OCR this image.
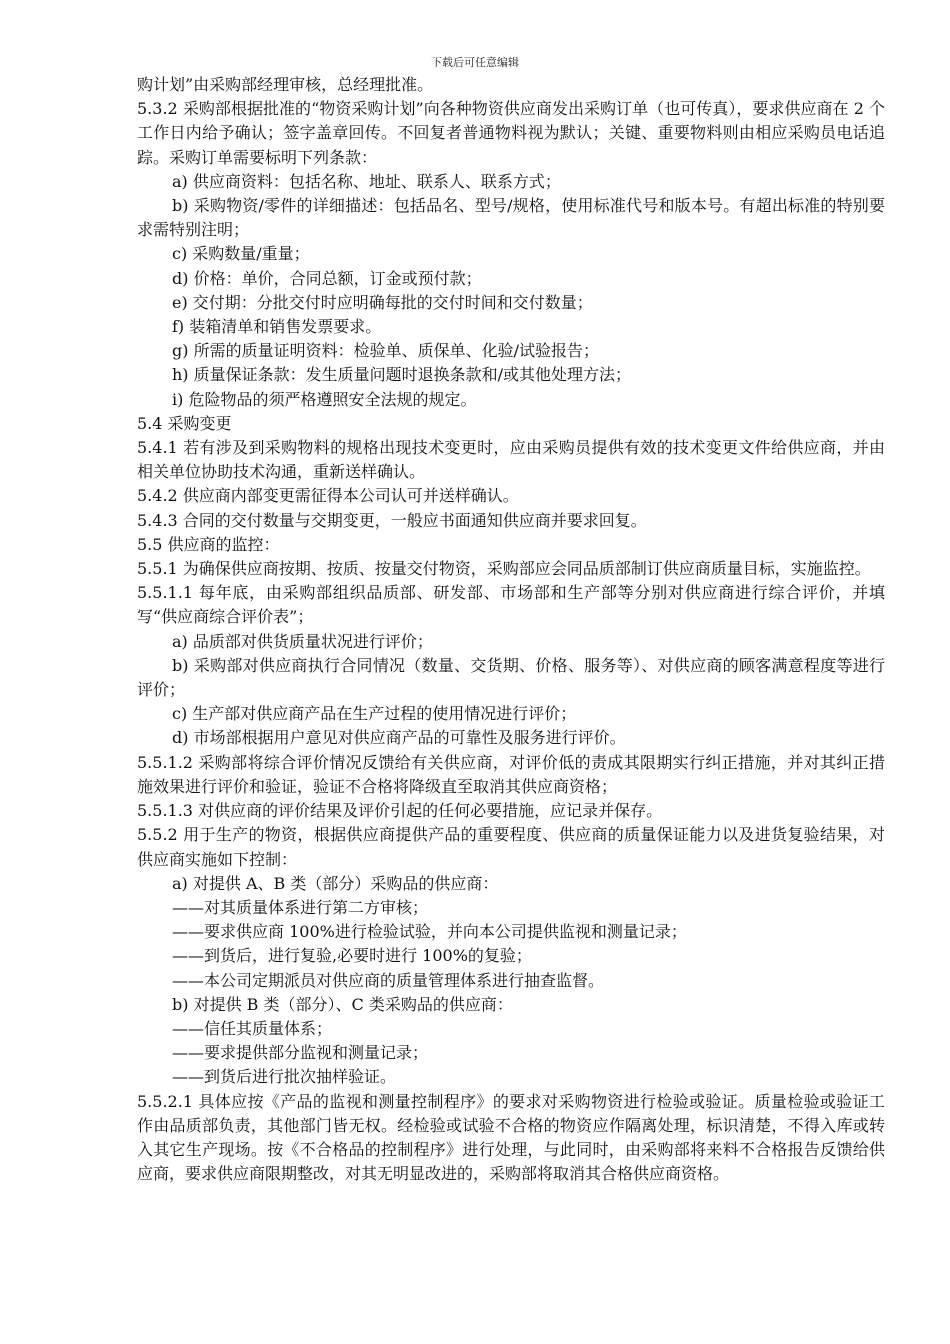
下载后可任意编辑

购计划”由采购部经理审核，总经理批准。

5.3.2 采购部根据批准的“物资采购计划”向各种物资供应商发出采购订单（也可传真），要求供应商在 2 个工作日内给予确认；签字盖章回传。不回复者普通物料视为默认；关键、重要物料则由相应采购员电话追踪。采购订单需要标明下列条款：

a) 供应商资料：包括名称、地址、联系人、联系方式；

b) 采购物资/零件的详细描述：包括品名、型号/规格，使用标准代号和版本号。有超出标准的特别要求需特别注明；

c) 采购数量/重量；

d) 价格：单价，合同总额，订金或预付款；

e) 交付期：分批交付时应明确每批的交付时间和交付数量；

f) 装箱清单和销售发票要求。

g) 所需的质量证明资料：检验单、质保单、化验/试验报告；

h) 质量保证条款：发生质量问题时退换条款和/或其他处理方法；

i) 危险物品的须严格遵照安全法规的规定。

5.4 采购变更

5.4.1 若有涉及到采购物料的规格出现技术变更时，应由采购员提供有效的技术变更文件给供应商，并由相关单位协助技术沟通，重新送样确认。

5.4.2 供应商内部变更需征得本公司认可并送样确认。

5.4.3 合同的交付数量与交期变更，一般应书面通知供应商并要求回复。

5.5 供应商的监控：

5.5.1 为确保供应商按期、按质、按量交付物资，采购部应会同品质部制订供应商质量目标，实施监控。

5.5.1.1 每年底，由采购部组织品质部、研发部、市场部和生产部等分别对供应商进行综合评价，并填写“供应商综合评价表”；

a) 品质部对供货质量状况进行评价；

b) 采购部对供应商执行合同情况（数量、交货期、价格、服务等）、对供应商的顾客满意程度等进行评价；

c) 生产部对供应商产品在生产过程的使用情况进行评价；

d) 市场部根据用户意见对供应商产品的可靠性及服务进行评价。

5.5.1.2 采购部将综合评价情况反馈给有关供应商，对评价低的责成其限期实行纠正措施，并对其纠正措施效果进行评价和验证，验证不合格将降级直至取消其供应商资格；

5.5.1.3 对供应商的评价结果及评价引起的任何必要措施，应记录并保存。

5.5.2 用于生产的物资，根据供应商提供产品的重要程度、供应商的质量保证能力以及进货复验结果，对供应商实施如下控制：

a) 对提供 A、B 类（部分）采购品的供应商：

——对其质量体系进行第二方审核；

——要求供应商 100%进行检验试验，并向本公司提供监视和测量记录；

——到货后，进行复验,必要时进行 100%的复验；

——本公司定期派员对供应商的质量管理体系进行抽查监督。

b) 对提供 B 类（部分）、C 类采购品的供应商：

——信任其质量体系；

——要求提供部分监视和测量记录；

——到货后进行批次抽样验证。

5.5.2.1 具体应按《产品的监视和测量控制程序》的要求对采购物资进行检验或验证。质量检验或验证工作由品质部负责，其他部门皆无权。经检验或试验不合格的物资应作隔离处理，标识清楚，不得入库或转入其它生产现场。按《不合格品的控制程序》进行处理，与此同时，由采购部将来料不合格报告反馈给供应商，要求供应商限期整改，对其无明显改进的，采购部将取消其合格供应商资格。
